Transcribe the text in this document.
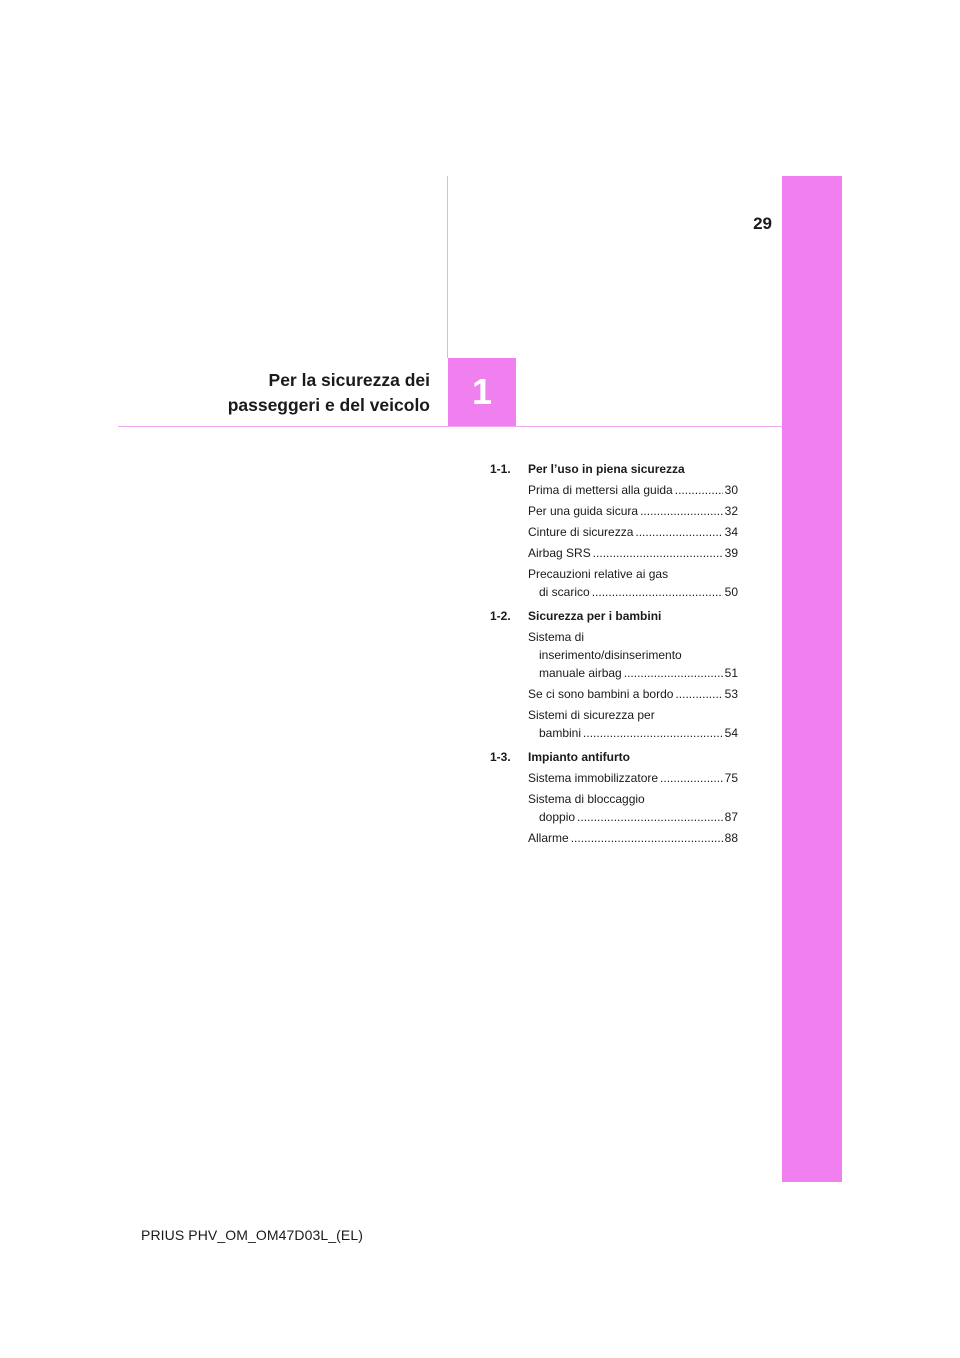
29
1
Per la sicurezza dei
passeggeri e del veicolo
1-1.	Per l’uso in piena sicurezza
Prima di mettersi alla guida .....	30
Per una guida sicura .....	32
Cinture di sicurezza .....	34
Airbag SRS .....	39
Precauzioni relative ai gas
di scarico .....	50
1-2.	Sicurezza per i bambini
Sistema di
inserimento/disinserimento
manuale airbag .....	51
Se ci sono bambini a bordo .....	53
Sistemi di sicurezza per
bambini .....	54
1-3.	Impianto antifurto
Sistema immobilizzatore .....	75
Sistema di bloccaggio
doppio .....	87
Allarme .....	88
PRIUS PHV_OM_OM47D03L_(EL)
